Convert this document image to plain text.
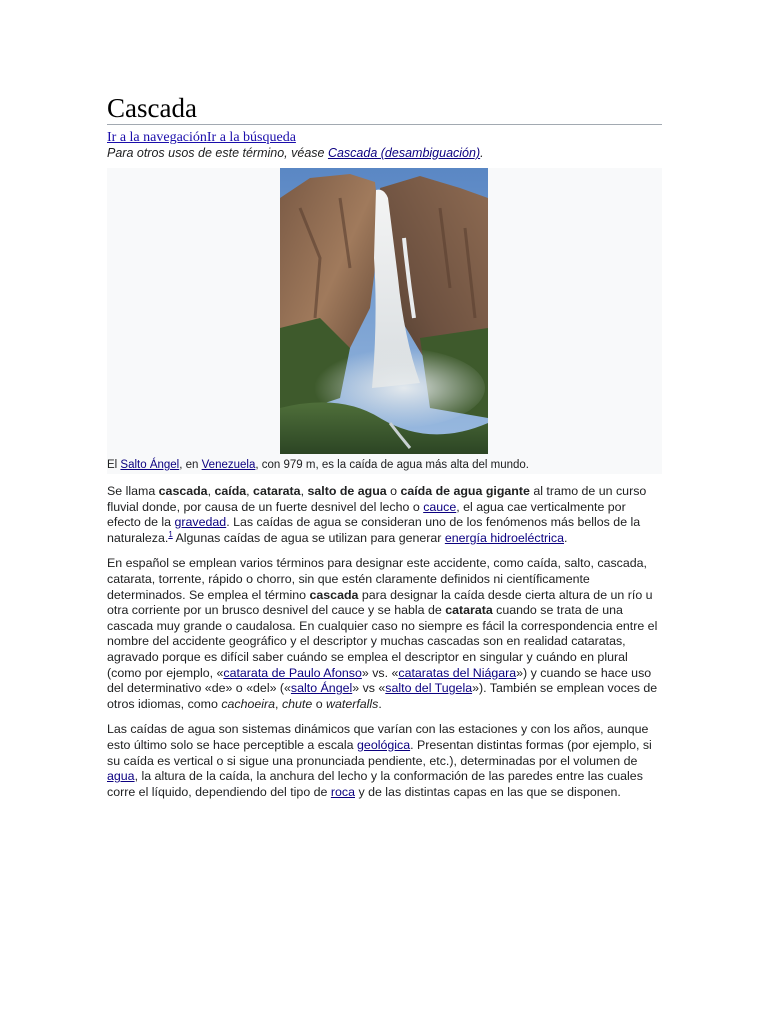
Cascada
Ir a la navegaciónIr a la búsqueda
Para otros usos de este término, véase Cascada (desambiguación).
El Salto Ángel, en Venezuela, con 979 m, es la caída de agua más alta del mundo.

Se llama cascada, caída, catarata, salto de agua o caída de agua gigante al tramo de un curso fluvial donde, por causa de un fuerte desnivel del lecho o cauce, el agua cae verticalmente por efecto de la gravedad. Las caídas de agua se consideran uno de los fenómenos más bellos de la naturaleza.$^1$ Algunas caídas de agua se utilizan para generar energía hidroeléctrica.

En español se emplean varios términos para designar este accidente, como caída, salto, cascada, catarata, torrente, rápido o chorro, sin que estén claramente definidos ni científicamente determinados. Se emplea el término cascada para designar la caída desde cierta altura de un río u otra corriente por un brusco desnivel del cauce y se habla de catarata cuando se trata de una cascada muy grande o caudalosa. En cualquier caso no siempre es fácil la correspondencia entre el nombre del accidente geográfico y el descriptor y muchas cascadas son en realidad cataratas, agravado porque es difícil saber cuándo se emplea el descriptor en singular y cuándo en plural (como por ejemplo, «catarata de Paulo Afonso» vs. «cataratas del Niágara») y cuando se hace uso del determinativo «de» o «del» («salto Ángel» vs «salto del Tugela»). También se emplean voces de otros idiomas, como cachoeira, chute o waterfalls.

Las caídas de agua son sistemas dinámicos que varían con las estaciones y con los años, aunque esto último solo se hace perceptible a escala geológica. Presentan distintas formas (por ejemplo, si su caída es vertical o si sigue una pronunciada pendiente, etc.), determinadas por el volumen de agua, la altura de la caída, la anchura del lecho y la conformación de las paredes entre las cuales corre el líquido, dependiendo del tipo de roca y de las distintas capas en las que se disponen.
